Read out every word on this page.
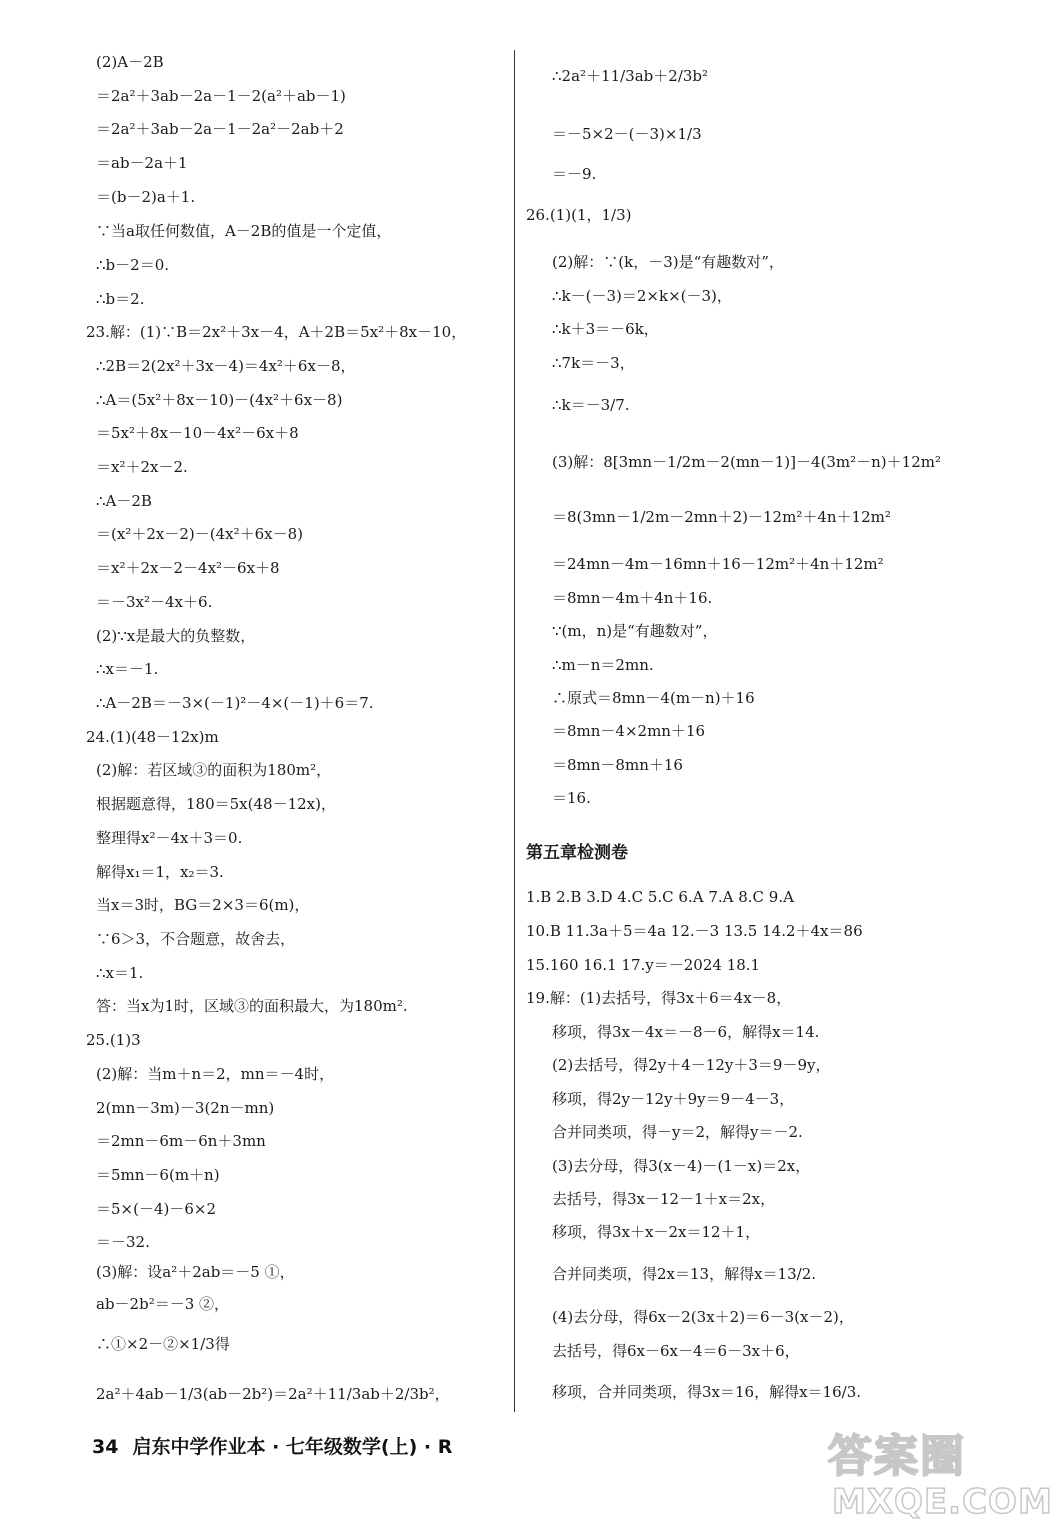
(2)A－2B
＝2a²＋3ab－2a－1－2(a²＋ab－1)
＝2a²＋3ab－2a－1－2a²－2ab＋2
＝ab－2a＋1
＝(b－2)a＋1.
∵当a取任何数值，A－2B的值是一个定值，
∴b－2＝0.
∴b＝2.
23.解：(1)∵B＝2x²＋3x－4，A＋2B＝5x²＋8x－10，
∴2B＝2(2x²＋3x－4)＝4x²＋6x－8，
∴A＝(5x²＋8x－10)－(4x²＋6x－8)
＝5x²＋8x－10－4x²－6x＋8
＝x²＋2x－2.
∴A－2B
＝(x²＋2x－2)－(4x²＋6x－8)
＝x²＋2x－2－4x²－6x＋8
＝－3x²－4x＋6.
(2)∵x是最大的负整数，
∴x＝－1.
∴A－2B＝－3×(－1)²－4×(－1)＋6＝7.
24.(1)(48－12x)m
(2)解：若区域③的面积为180m²，
根据题意得，180＝5x(48－12x)，
整理得x²－4x＋3＝0.
解得x₁＝1，x₂＝3.
当x＝3时，BG＝2×3＝6(m)，
∵6＞3，不合题意，故舍去，
∴x＝1.
答：当x为1时，区域③的面积最大，为180m².
25.(1)3
(2)解：当m＋n＝2，mn＝－4时，
2(mn－3m)－3(2n－mn)
＝2mn－6m－6n＋3mn
＝5mn－6(m＋n)
＝5×(－4)－6×2
＝－32.
(3)解：设a²＋2ab＝－5 ①，
ab－2b²＝－3 ②，
∴①×2－②×1/3得
2a²＋4ab－1/3(ab－2b²)＝2a²＋11/3ab＋2/3b²，
第五章检测卷
∴2a²＋11/3ab＋2/3b²
＝－5×2－(－3)×1/3
＝－9.
26.(1)(1，1/3)
(2)解：∵(k，－3)是“有趣数对”，
∴k－(－3)＝2×k×(－3)，
∴k＋3＝－6k，
∴7k＝－3，
∴k＝－3/7.
(3)解：8[3mn－1/2m－2(mn－1)]－4(3m²－n)＋12m²
＝8(3mn－1/2m－2mn＋2)－12m²＋4n＋12m²
＝24mn－4m－16mn＋16－12m²＋4n＋12m²
＝8mn－4m＋4n＋16.
∵(m，n)是“有趣数对”，
∴m－n＝2mn.
∴原式＝8mn－4(m－n)＋16
＝8mn－4×2mn＋16
＝8mn－8mn＋16
＝16.
1.B 2.B 3.D 4.C 5.C 6.A 7.A 8.C 9.A
10.B 11.3a＋5＝4a 12.－3 13.5 14.2＋4x＝86
15.160 16.1 17.y＝－2024 18.1
19.解：(1)去括号，得3x＋6＝4x－8，
移项，得3x－4x＝－8－6，解得x＝14.
(2)去括号，得2y＋4－12y＋3＝9－9y，
移项，得2y－12y＋9y＝9－4－3，
合并同类项，得－y＝2，解得y＝－2.
(3)去分母，得3(x－4)－(1－x)＝2x，
去括号，得3x－12－1＋x＝2x，
移项，得3x＋x－2x＝12＋1，
合并同类项，得2x＝13，解得x＝13/2.
(4)去分母，得6x－2(3x＋2)＝6－3(x－2)，
去括号，得6x－6x－4＝6－3x＋6，
移项，合并同类项，得3x＝16，解得x＝16/3.
34 启东中学作业本 · 七年级数学(上) · R	答案圈
MXQE.COM
